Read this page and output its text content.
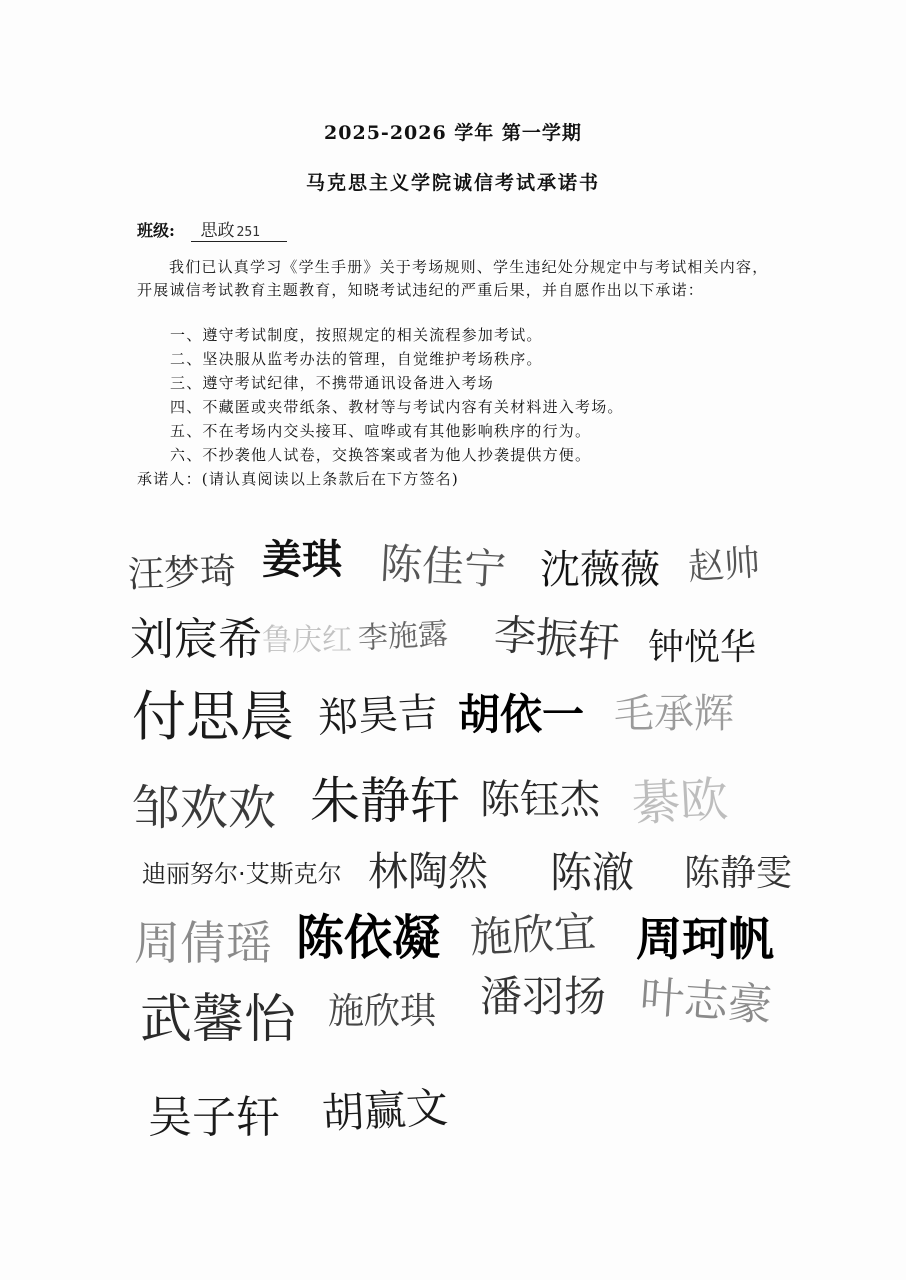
2025-2026 学年 第一学期
马克思主义学院诚信考试承诺书
班级: 思政 251
我们已认真学习《学生手册》关于考场规则、学生违纪处分规定中与考试相关内容，开展诚信考试教育主题教育，知晓考试违纪的严重后果，并自愿作出以下承诺：
一、遵守考试制度，按照规定的相关流程参加考试。
二、坚决服从监考办法的管理，自觉维护考场秩序。
三、遵守考试纪律，不携带通讯设备进入考场
四、不藏匿或夹带纸条、教材等与考试内容有关材料进入考场。
五、不在考场内交头接耳、喧哗或有其他影响秩序的行为。
六、不抄袭他人试卷，交换答案或者为他人抄袭提供方便。
承诺人：(请认真阅读以上条款后在下方签名)
汪梦琦 姜琪 陈佳宁 沈薇薇 赵帅
刘宸希 鲁庆红 李施露 李振轩 钟悦华
付思晨 郑昊吉 胡依一 毛承辉
邹欢欢 朱静轩 陈钰杰 綦欧
迪丽努尔·艾斯克尔 林陶然 陈澈 陈静雯
周倩瑶 陈依凝 施欣宜 周珂帆
武馨怡 施欣琪 潘羽扬 叶志豪
吴子轩 胡赢文
